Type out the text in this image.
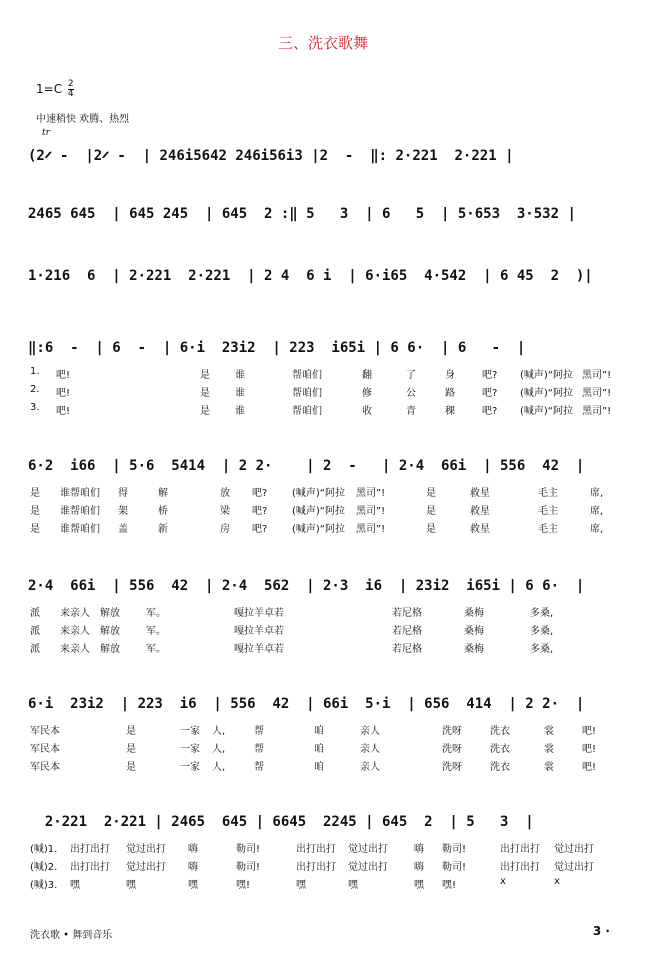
三、洗衣歌舞
$1=C \frac{2}{4}$
中速稍快 欢腾、热烈
tr
(2𝄍 -  |2𝄍 -  | 246i5642 246i56i3 |2  -  ‖: 2·221  2·221 |
2465 645  | 645 245  | 645  2 :‖ 5   3  | 6   5  | 5·653  3·532 |
1·216  6  | 2·221  2·221  | 2 4  6 i  | 6·i65  4·542  | 6 45  2  )|
‖:6  -  | 6  -  | 6·i  23i2  | 223  i65i | 6 6·  | 6   -  |
1. 吧!	是	谁	帮咱们	翻	了	身	吧? (喊声)“阿拉 黑司”!
2. 吧!	是	谁	帮咱们	修	公	路	吧? (喊声)“阿拉 黑司”!
3. 吧!	是	谁	帮咱们	收	青	稞	吧? (喊声)“阿拉 黑司”!
6·2  i66  | 5·6  5414  | 2 2·    | 2  -   | 2·4  66i  | 556  42  |
是 谁帮咱们 得	解	放 吧? (喊声)“阿拉 黑司”!	是	救星	毛主	席,
是 谁帮咱们 架	桥	梁 吧? (喊声)“阿拉 黑司”!	是	救星	毛主	席,
是 谁帮咱们 盖	新	房 吧? (喊声)“阿拉 黑司”!	是	救星	毛主	席,
2·4  66i  | 556  42  | 2·4  562  | 2·3  i6  | 23i2  i65i | 6 6·  |
派 来亲人 解放	军。	嘎拉羊卓若	若尼格	桑梅	多桑,
派 来亲人 解放	军。	嘎拉羊卓若	若尼格	桑梅	多桑,
派 来亲人 解放	军。	嘎拉羊卓若	若尼格	桑梅	多桑,
6·i  23i2  | 223  i6  | 556  42  | 66i  5·i  | 656  414  | 2 2·  |
军民本	是	一家 人,	帮	咱	亲人	洗呀	洗衣	裳	吧!
军民本	是	一家 人,	帮	咱	亲人	洗呀	洗衣	裳	吧!
军民本	是	一家 人,	帮	咱	亲人	洗呀	洗衣	裳	吧!
2·221  2·221 | 2465  645 | 6645  2245 | 645  2  | 5   3  |
(喊)1. 出打出打 觉过出打 嗨	勒司!	出打出打 觉过出打	嗨 勒司!	出打出打 觉过出打
(喊)2. 出打出打 觉过出打 嗨	勒司!	出打出打 觉过出打	嗨 勒司!	出打出打 觉过出打
(喊)3. 嘿	嘿	嘿	嘿!	嘿	嘿	嘿 嘿!	x	x
洗衣歌 • 舞到音乐	3 ·
